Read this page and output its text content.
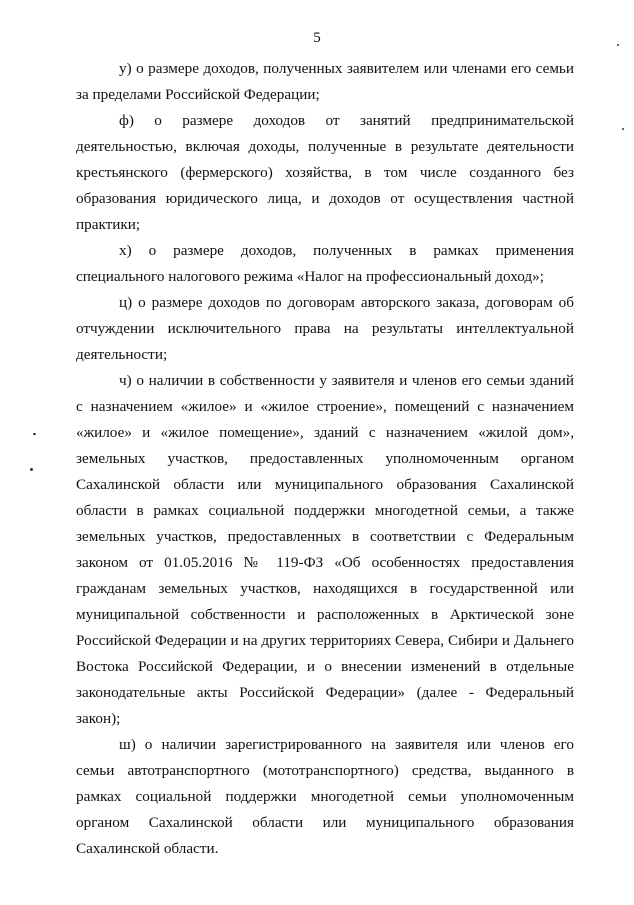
5

у) о размере доходов, полученных заявителем или членами его семьи за пределами Российской Федерации;

ф) о размере доходов от занятий предпринимательской деятельностью, включая доходы, полученные в результате деятельности крестьянского (фермерского) хозяйства, в том числе созданного без образования юридического лица, и доходов от осуществления частной практики;

х) о размере доходов, полученных в рамках применения специального налогового режима «Налог на профессиональный доход»;

ц) о размере доходов по договорам авторского заказа, договорам об отчуждении исключительного права на результаты интеллектуальной деятельности;

ч) о наличии в собственности у заявителя и членов его семьи зданий с назначением «жилое» и «жилое строение», помещений с назначением «жилое» и «жилое помещение», зданий с назначением «жилой дом», земельных участков, предоставленных уполномоченным органом Сахалинской области или муниципального образования Сахалинской области в рамках социальной поддержки многодетной семьи, а также земельных участков, предоставленных в соответствии с Федеральным законом от 01.05.2016 № 119-ФЗ «Об особенностях предоставления гражданам земельных участков, находящихся в государственной или муниципальной собственности и расположенных в Арктической зоне Российской Федерации и на других территориях Севера, Сибири и Дальнего Востока Российской Федерации, и о внесении изменений в отдельные законодательные акты Российской Федерации» (далее - Федеральный закон);

ш) о наличии зарегистрированного на заявителя или членов его семьи автотранспортного (мототранспортного) средства, выданного в рамках социальной поддержки многодетной семьи уполномоченным органом Сахалинской области или муниципального образования Сахалинской области.
